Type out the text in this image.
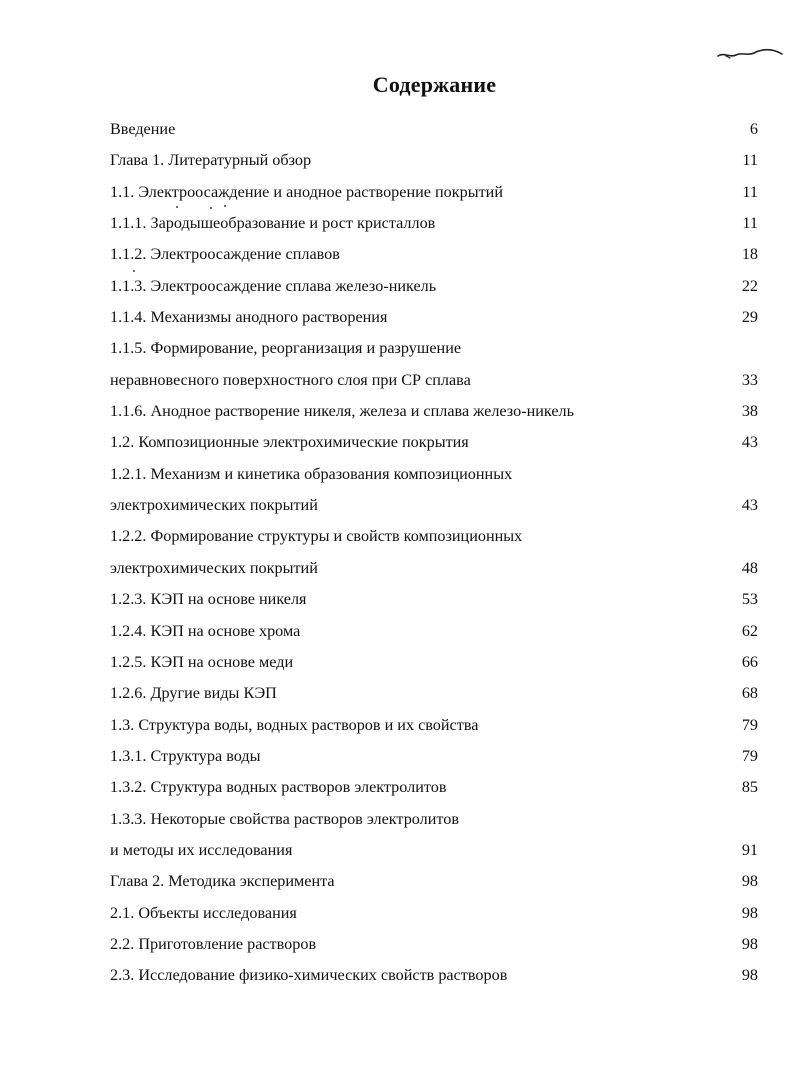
Содержание
Введение	6
Глава 1. Литературный обзор	11
1.1. Электроосаждение и анодное растворение покрытий	11
1.1.1. Зародышеобразование и рост кристаллов	11
1.1.2. Электроосаждение сплавов	18
1.1.3. Электроосаждение сплава железо-никель	22
1.1.4. Механизмы анодного растворения	29
1.1.5. Формирование, реорганизация и разрушение
неравновесного поверхностного слоя при СР сплава	33
1.1.6. Анодное растворение никеля, железа и сплава железо-никель	38
1.2. Композиционные электрохимические покрытия	43
1.2.1. Механизм и кинетика образования композиционных
электрохимических покрытий	43
1.2.2. Формирование структуры и свойств композиционных
электрохимических покрытий	48
1.2.3. КЭП на основе никеля	53
1.2.4. КЭП на основе хрома	62
1.2.5. КЭП на основе меди	66
1.2.6. Другие виды КЭП	68
1.3. Структура воды, водных растворов и их свойства	79
1.3.1. Структура воды	79
1.3.2. Структура водных растворов электролитов	85
1.3.3. Некоторые свойства растворов электролитов
и методы их исследования	91
Глава 2. Методика эксперимента	98
2.1. Объекты исследования	98
2.2. Приготовление растворов	98
2.3. Исследование физико-химических свойств растворов	98
